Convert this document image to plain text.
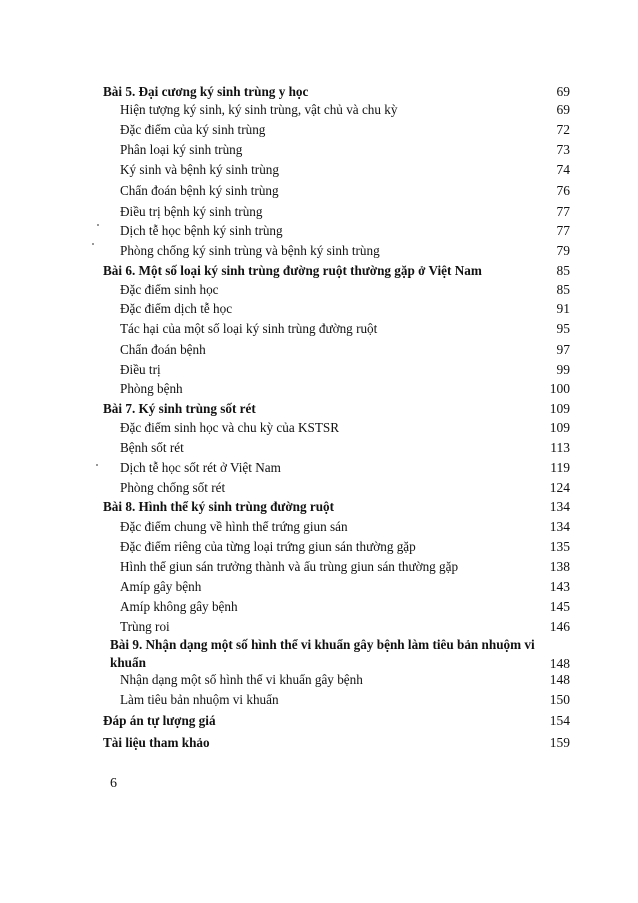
Bài 5. Đại cương ký sinh trùng y học	69
Hiện tượng ký sinh, ký sinh trùng, vật chủ và chu kỳ	69
Đặc điểm của ký sinh trùng	72
Phân loại ký sinh trùng	73
Ký sinh và bệnh ký sinh trùng	74
Chẩn đoán bệnh ký sinh trùng	76
Điều trị bệnh ký sinh trùng	77
Dịch tễ học bệnh ký sinh trùng	77
Phòng chống ký sinh trùng và bệnh ký sinh trùng	79
Bài 6. Một số loại ký sinh trùng đường ruột thường gặp ở Việt Nam	85
Đặc điểm sinh học	85
Đặc điểm dịch tễ học	91
Tác hại của một số loại ký sinh trùng đường ruột	95
Chẩn đoán bệnh	97
Điều trị	99
Phòng bệnh	100
Bài 7. Ký sinh trùng sốt rét	109
Đặc điểm sinh học và chu kỳ của KSTSR	109
Bệnh sốt rét	113
Dịch tễ học sốt rét ở Việt Nam	119
Phòng chống sốt rét	124
Bài 8. Hình thể ký sinh trùng đường ruột	134
Đặc điểm chung về hình thể trứng giun sán	134
Đặc điểm riêng của từng loại trứng giun sán thường gặp	135
Hình thể giun sán trưởng thành và ấu trùng giun sán thường gặp	138
Amíp gây bệnh	143
Amíp không gây bệnh	145
Trùng roi	146
Bài 9. Nhận dạng một số hình thể vi khuẩn gây bệnh làm tiêu bản nhuộm vi khuẩn	148
Nhận dạng một số hình thể vi khuẩn gây bệnh	148
Làm tiêu bản nhuộm vi khuẩn	150
Đáp án tự lượng giá	154
Tài liệu tham khảo	159
6
